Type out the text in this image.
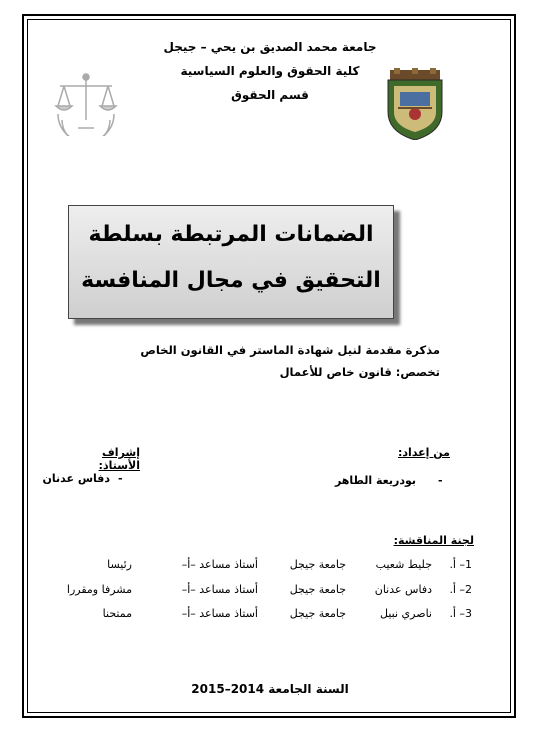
جامعة محمد الصديق بن يحي – جيجل
كلية الحقوق والعلوم السياسية
قسم الحقوق
الضمانات المرتبطة بسلطة
التحقيق في مجال المنافسة
مذكرة مقدمة لنيل شهادة الماستر في القانون الخاص
تخصص: قانون خاص للأعمال
من إعداد:
-
بودريعة الطاهر
إشراف الأستاذ:
-
دفاس عدنان
لجنة المناقشة:
1– أ.
جليط شعيب
جامعة جيجل
أستاذ مساعد –أ–
رئيسا
2– أ.
دفاس عدنان
جامعة جيجل
أستاذ مساعد –أ–
مشرفا ومقررا
3– أ.
ناصري نبيل
جامعة جيجل
أستاذ مساعد –أ–
ممتحنا
السنة الجامعة 2014–2015
